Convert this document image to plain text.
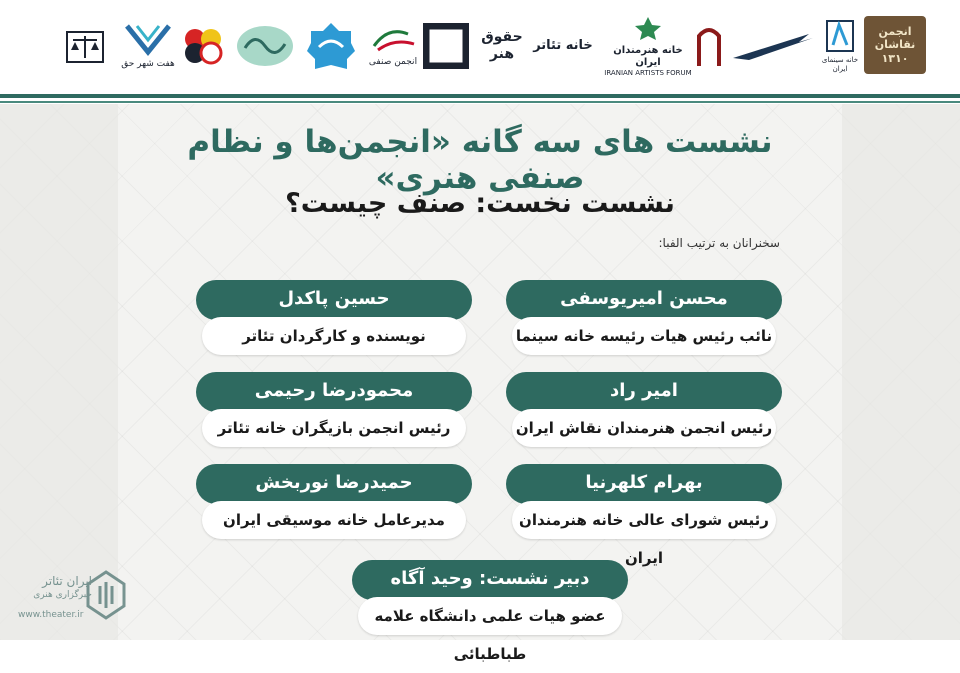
هفت شهر حق	انجمن صنفی
حقوق هنر
خانه تئاتر	خانه هنرمندان ایران
IRANIAN ARTISTS FORUM
خانه سینمای ایران
انجمن نقاشان ۱۳۱۰
نشست های سه گانه «انجمن‌ها و نظام صنفی هنری»
نشست نخست: صنف چیست؟
سخنرانان به ترتیب الفبا:
محسن امیریوسفی
نائب رئیس هیات رئیسه خانه سینما
حسین پاکدل
نویسنده و کارگردان تئاتر
امیر راد
رئیس انجمن هنرمندان نقاش ایران
محمودرضا رحیمی
رئیس انجمن بازیگران خانه تئاتر
بهرام کلهرنیا
رئیس شورای عالی خانه هنرمندان ایران
حمیدرضا نوربخش
مدیرعامل خانه موسیقی ایران
دبیر نشست: وحید آگاه
عضو هیات علمی دانشگاه علامه طباطبائی
ایران تئاتر
خبرگزاری هنری
www.theater.ir
